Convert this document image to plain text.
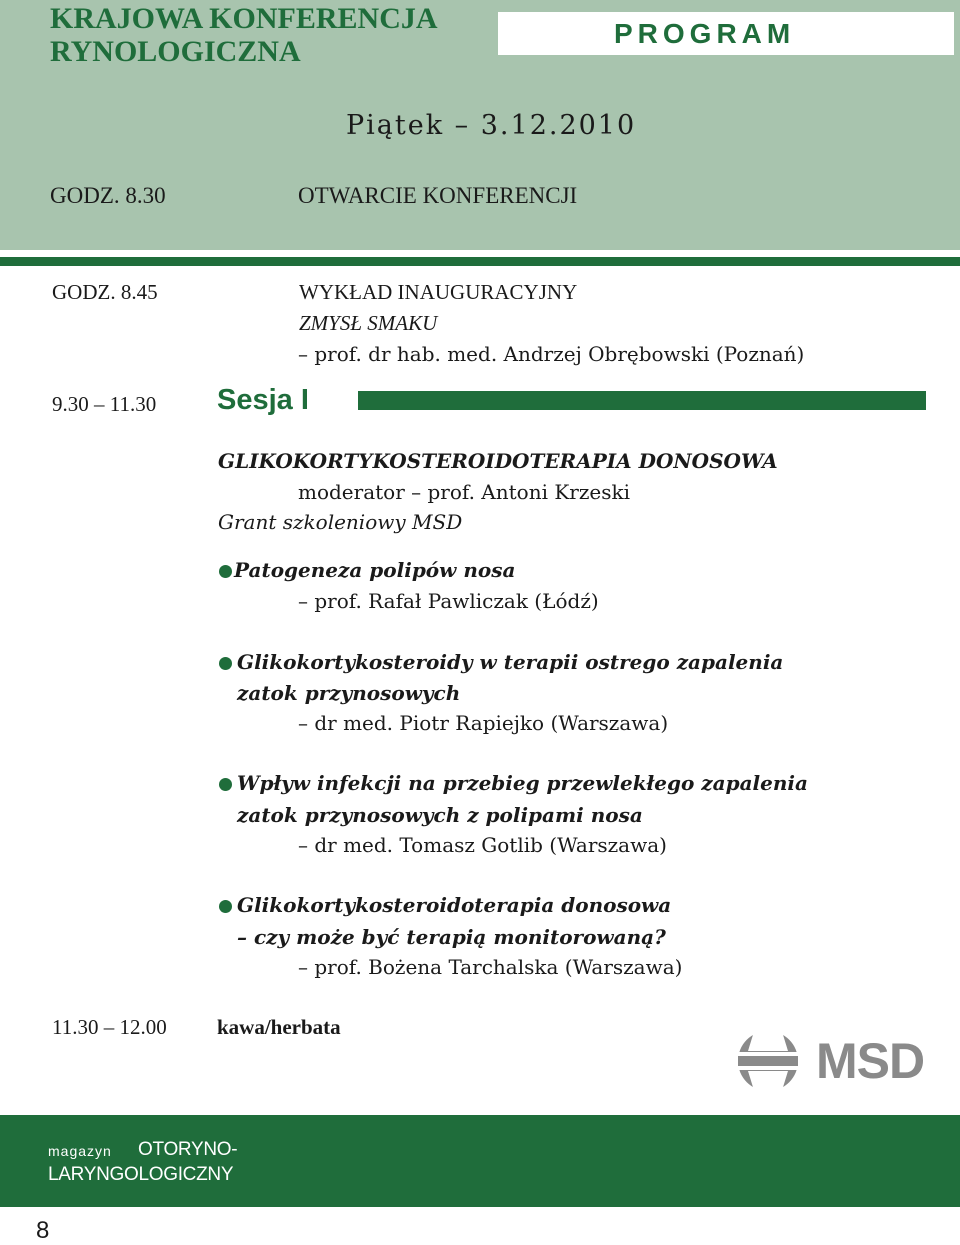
KRAJOWA KONFERENCJA
RYNOLOGICZNA
PROGRAM
Piątek – 3.12.2010
GODZ. 8.30	OTWARCIE KONFERENCJI
GODZ. 8.45	WYKŁAD INAUGURACYJNY
ZMYSŁ SMAKU
– prof. dr hab. med. Andrzej Obrębowski (Poznań)
9.30 – 11.30 Sesja I
GLIKOKORTYKOSTEROIDOTERAPIA DONOSOWA
moderator – prof. Antoni Krzeski
Grant szkoleniowy MSD
Patogeneza polipów nosa
– prof. Rafał Pawliczak (Łódź)
Glikokortykosteroidy w terapii ostrego zapalenia
zatok przynosowych
– dr med. Piotr Rapiejko (Warszawa)
Wpływ infekcji na przebieg przewlekłego zapalenia
zatok przynosowych z polipami nosa
– dr med. Tomasz Gotlib (Warszawa)
Glikokortykosteroidoterapia donosowa
– czy może być terapią monitorowaną?
– prof. Bożena Tarchalska (Warszawa)
11.30 – 12.00 kawa/herbata
MSD
magazyn OTORYNO-
LARYNGOLOGICZNY
8
